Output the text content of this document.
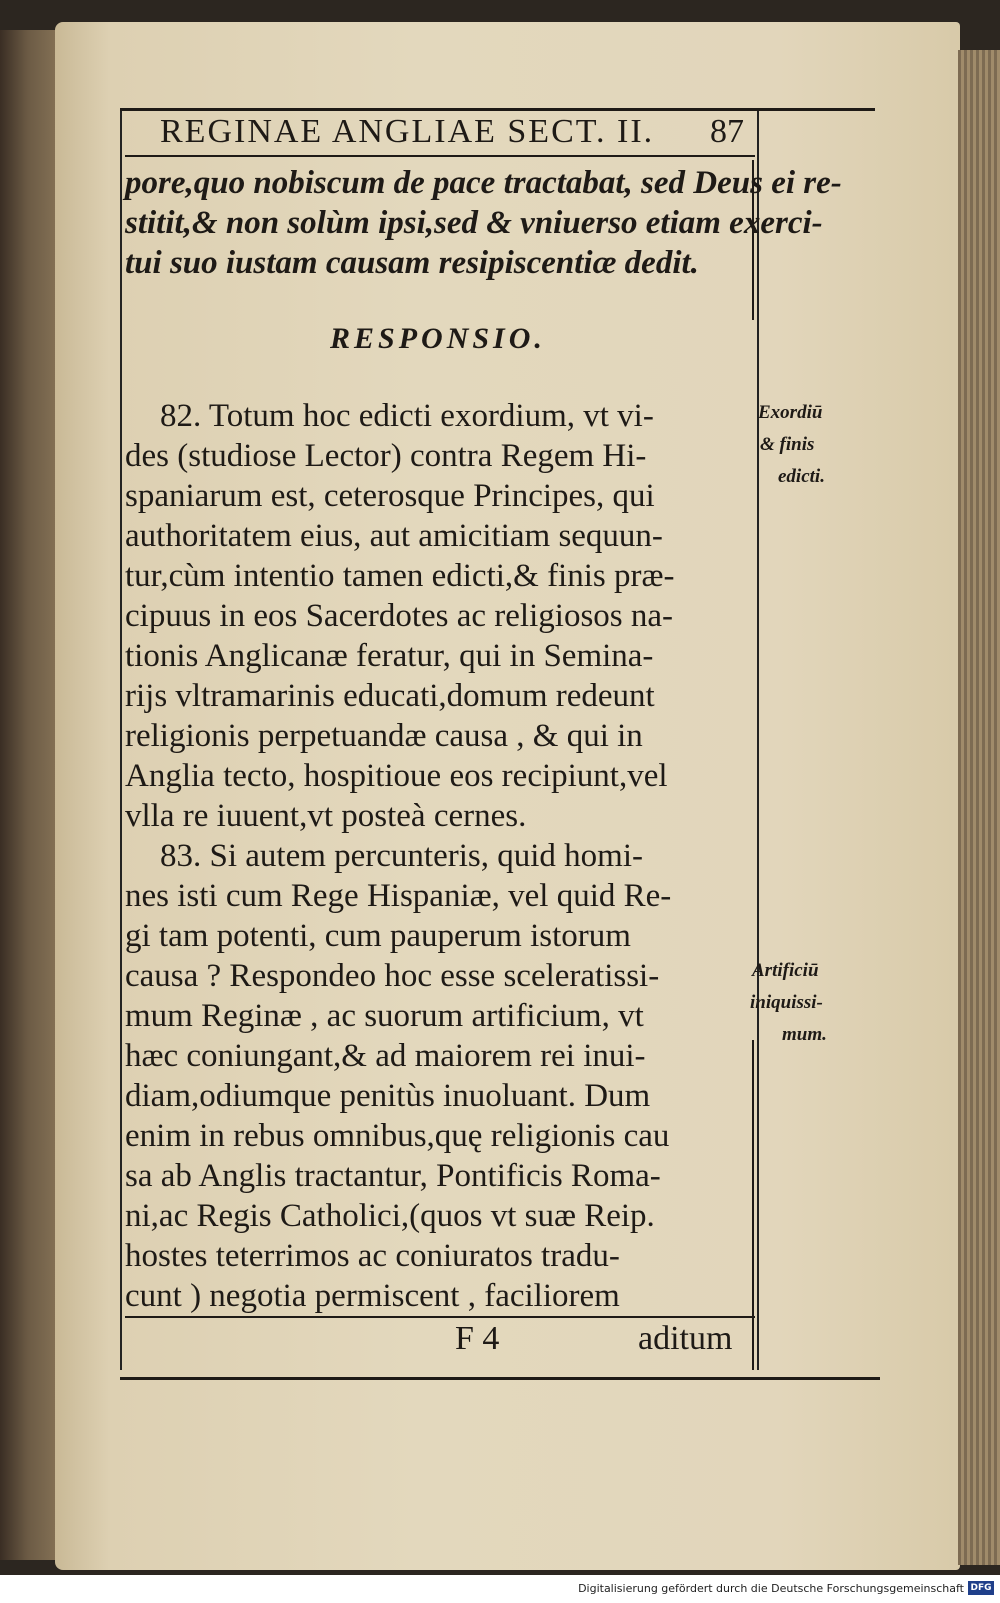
REGINAE ANGLIAE SECT. II. 87
pore,quo nobiscum de pace tractabat, sed Deus ei re-
stitit,& non solùm ipsi,sed & vniuerso etiam exerci-
tui suo iustam causam resipiscentiæ dedit.
RESPONSIO.
82. Totum hoc edicti exordium, vt vi-
des (studiose Lector) contra Regem Hi-
spaniarum est, ceterosque Principes, qui
authoritatem eius, aut amicitiam sequun-
tur,cùm intentio tamen edicti,& finis præ-
cipuus in eos Sacerdotes ac religiosos na-
tionis Anglicanæ feratur, qui in Semina-
rijs vltramarinis educati,domum redeunt
religionis perpetuandæ causa , & qui in
Anglia tecto, hospitioue eos recipiunt,vel
vlla re iuuent,vt posteà cernes.
83. Si autem percunteris, quid homi-
nes isti cum Rege Hispaniæ, vel quid Re-
gi tam potenti, cum pauperum istorum
causa ? Respondeo hoc esse sceleratissi-
mum Reginæ , ac suorum artificium, vt
hæc coniungant,& ad maiorem rei inui-
diam,odiumque penitùs inuoluant. Dum
enim in rebus omnibus,quę religionis cau
sa ab Anglis tractantur, Pontificis Roma-
ni,ac Regis Catholici,(quos vt suæ Reip.
hostes teterrimos ac coniuratos tradu-
cunt ) negotia permiscent , faciliorem
Exordiū
& finis
edicti.
Artificiū
iniquissi-
mum.
F 4	aditum
Digitalisierung gefördert durch die Deutsche Forschungsgemeinschaft DFG
